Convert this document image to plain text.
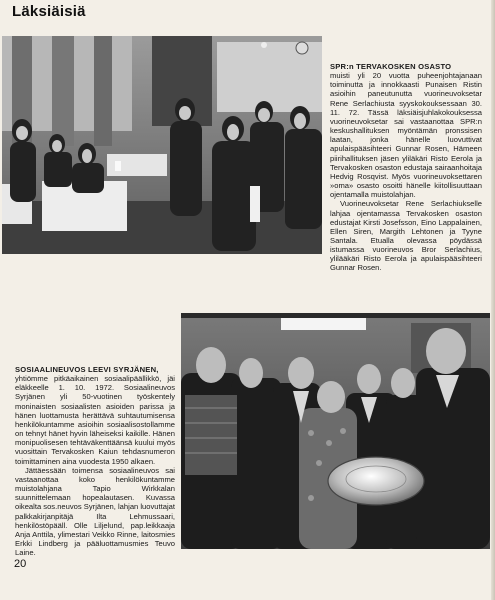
Läksiäisiä

SPR:n TERVAKOSKEN OSASTO
muisti yli 20 vuotta puheenjohtajanaan toiminutta ja innokkaasti Punaisen Ristin asioihin paneutunutta vuorineuvoksetar Rene Serlachiusta syyskokouksessaan 30. 11. 72. Tässä läksiäisjuhlakokouksessa vuorineuvoksetar sai vastaanottaa SPR:n keskushallituksen myöntämän pronssisen laatan, jonka hänelle luovuttivat apulaispääsihteeri Gunnar Rosen, Hämeen piirihallituksen jäsen yliläkäri Risto Eerola ja Tervakosken osaston edustaja sairaanhoitaja Hedvig Rosqvist. Myös vuorineuvoksettaren »oma» osasto osoitti hänelle kiitollisuuttaan ojentamalla muistolahjan.

Vuorineuvoksetar Rene Serlachiukselle lahjaa ojentamassa Tervakosken osaston edustajat Kirsti Josefsson, Eino Lappalainen, Ellen Siren, Margith Lehtonen ja Tyyne Santala. Etualla olevassa pöydässä istumassa vuorineuvos Bror Serlachius, ylilääkäri Risto Eerola ja apulaispääsihteeri Gunnar Rosen.

SOSIAALINEUVOS LEEVI SYRJÄNEN,
yhtiömme pitkäaikainen sosiaalipäällikkö, jäi eläkkeelle 1. 10. 1972. Sosiaalineuvos Syrjänen yli 50-vuotinen työskentely moninaisten sosiaalisten asioiden parissa ja hänen luottamusta herättävä suhtautumisensa henkilökuntamme asioihin sosiaalisostollamme on tehnyt hänet hyvin läheiseksi kaikille. Hänen monipuolisesen tehtäväkenttäänsä kuului myös vuosittain Tervakosken Kaiun tehdasnumeron toimittaminen aina vuodesta 1950 alkaen.

Jättäessään toimensa sosiaalineuvos sai vastaanottaa koko henkilökuntamme muistolahjana Tapio Wirkkalan suunnittelemaan hopealautasen. Kuvassa oikealta sos.neuvos Syrjänen, lahjan luovuttajat palkkakirjanpitäjä Ilta Lehmussaari, henkilöstöpääll. Olle Liljelund, pap.leikkaaja Anja Anttila, ylimestari Veikko Rinne, laitosmies Erkki Lindberg ja pääluottamusmies Teuvo Laine.

20
